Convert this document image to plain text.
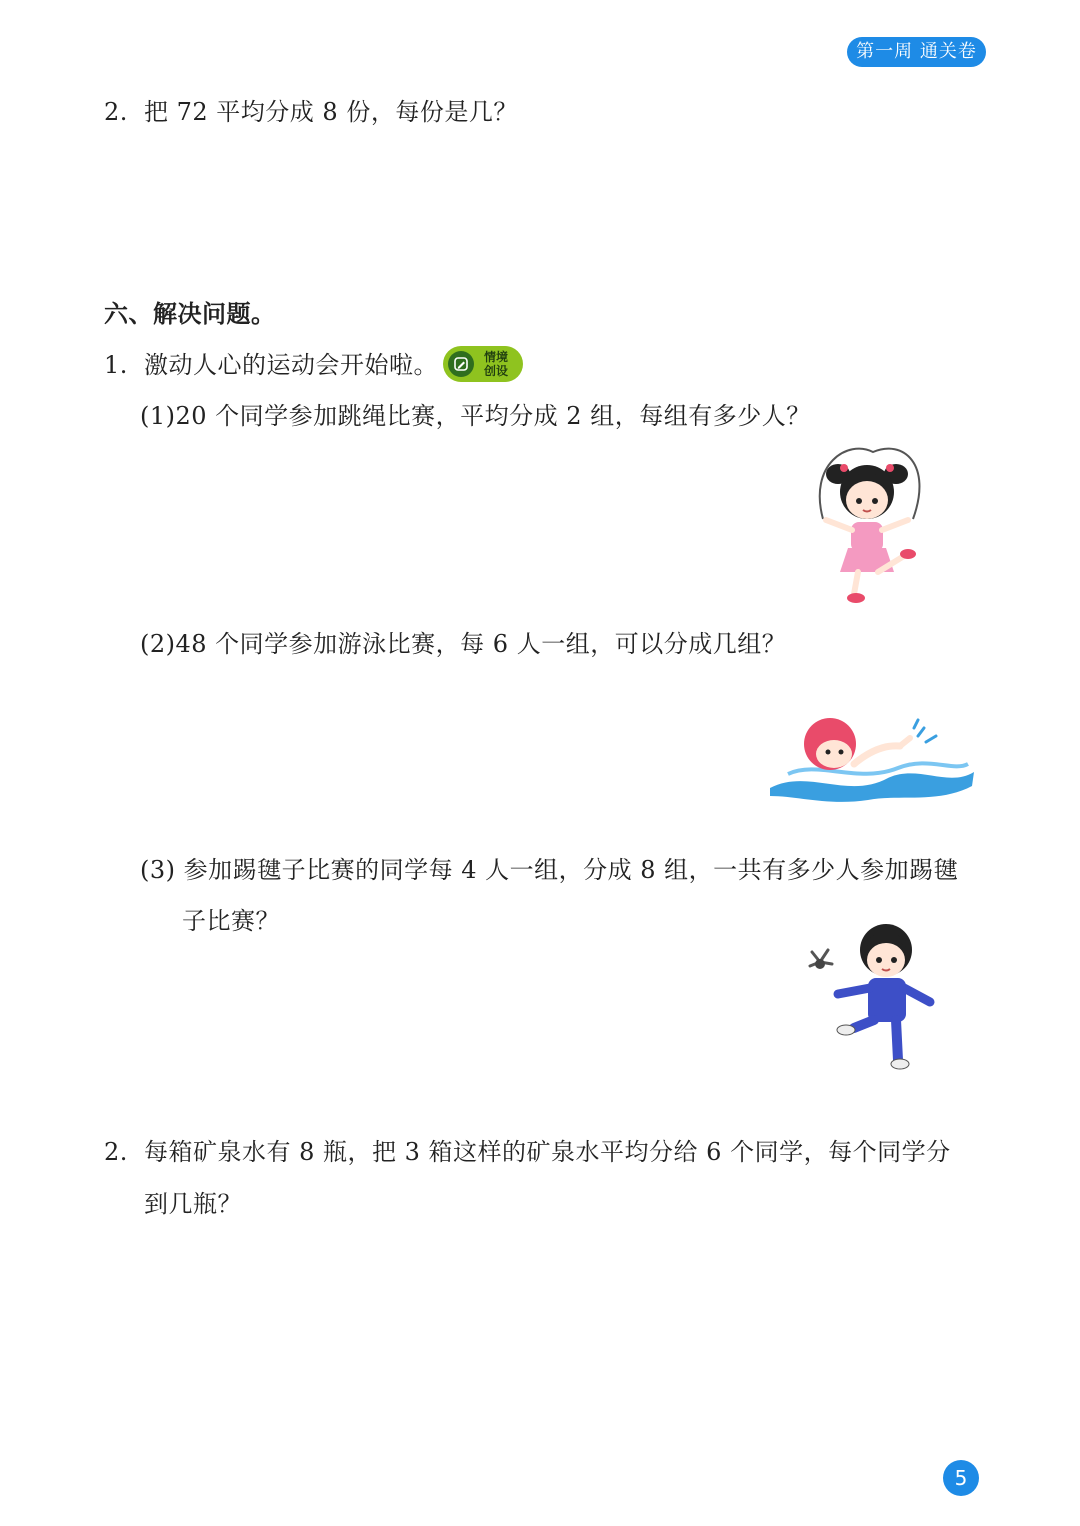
第一周 通关卷
2. 把 72 平均分成 8 份，每份是几？
六、解决问题。
1. 激动人心的运动会开始啦。	情境
创设
(1)20 个同学参加跳绳比赛，平均分成 2 组，每组有多少人？
(2)48 个同学参加游泳比赛，每 6 人一组，可以分成几组？
(3) 参加踢毽子比赛的同学每 4 人一组，分成 8 组，一共有多少人参加踢毽
子比赛？
2. 每箱矿泉水有 8 瓶，把 3 箱这样的矿泉水平均分给 6 个同学，每个同学分
到几瓶？
5
